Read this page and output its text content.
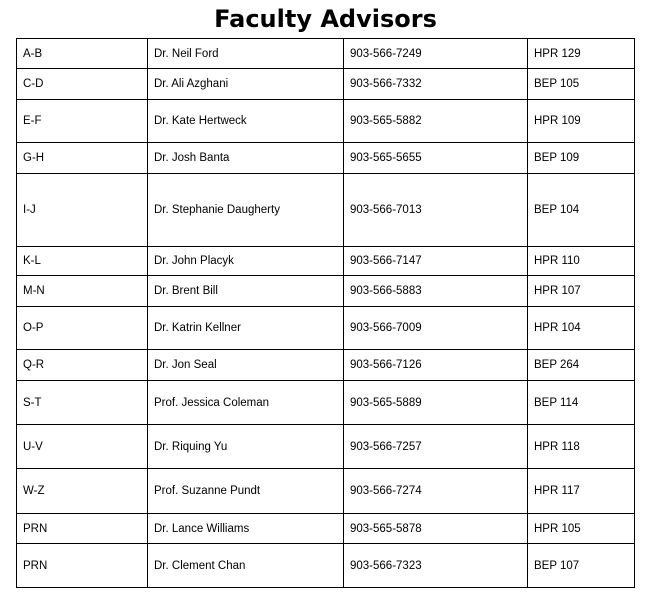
Faculty Advisors
A-B	Dr. Neil Ford	903-566-7249	HPR 129
C-D	Dr. Ali Azghani	903-566-7332	BEP 105
E-F	Dr. Kate Hertweck	903-565-5882	HPR 109
G-H	Dr. Josh Banta	903-565-5655	BEP 109
I-J	Dr. Stephanie Daugherty	903-566-7013	BEP 104
K-L	Dr. John Placyk	903-566-7147	HPR 110
M-N	Dr. Brent Bill	903-566-5883	HPR 107
O-P	Dr. Katrin Kellner	903-566-7009	HPR 104
Q-R	Dr. Jon Seal	903-566-7126	BEP 264
S-T	Prof. Jessica Coleman	903-565-5889	BEP 114
U-V	Dr. Riquing Yu	903-566-7257	HPR 118
W-Z	Prof. Suzanne Pundt	903-566-7274	HPR 117
PRN	Dr. Lance Williams	903-565-5878	HPR 105
PRN	Dr. Clement Chan	903-566-7323	BEP 107
